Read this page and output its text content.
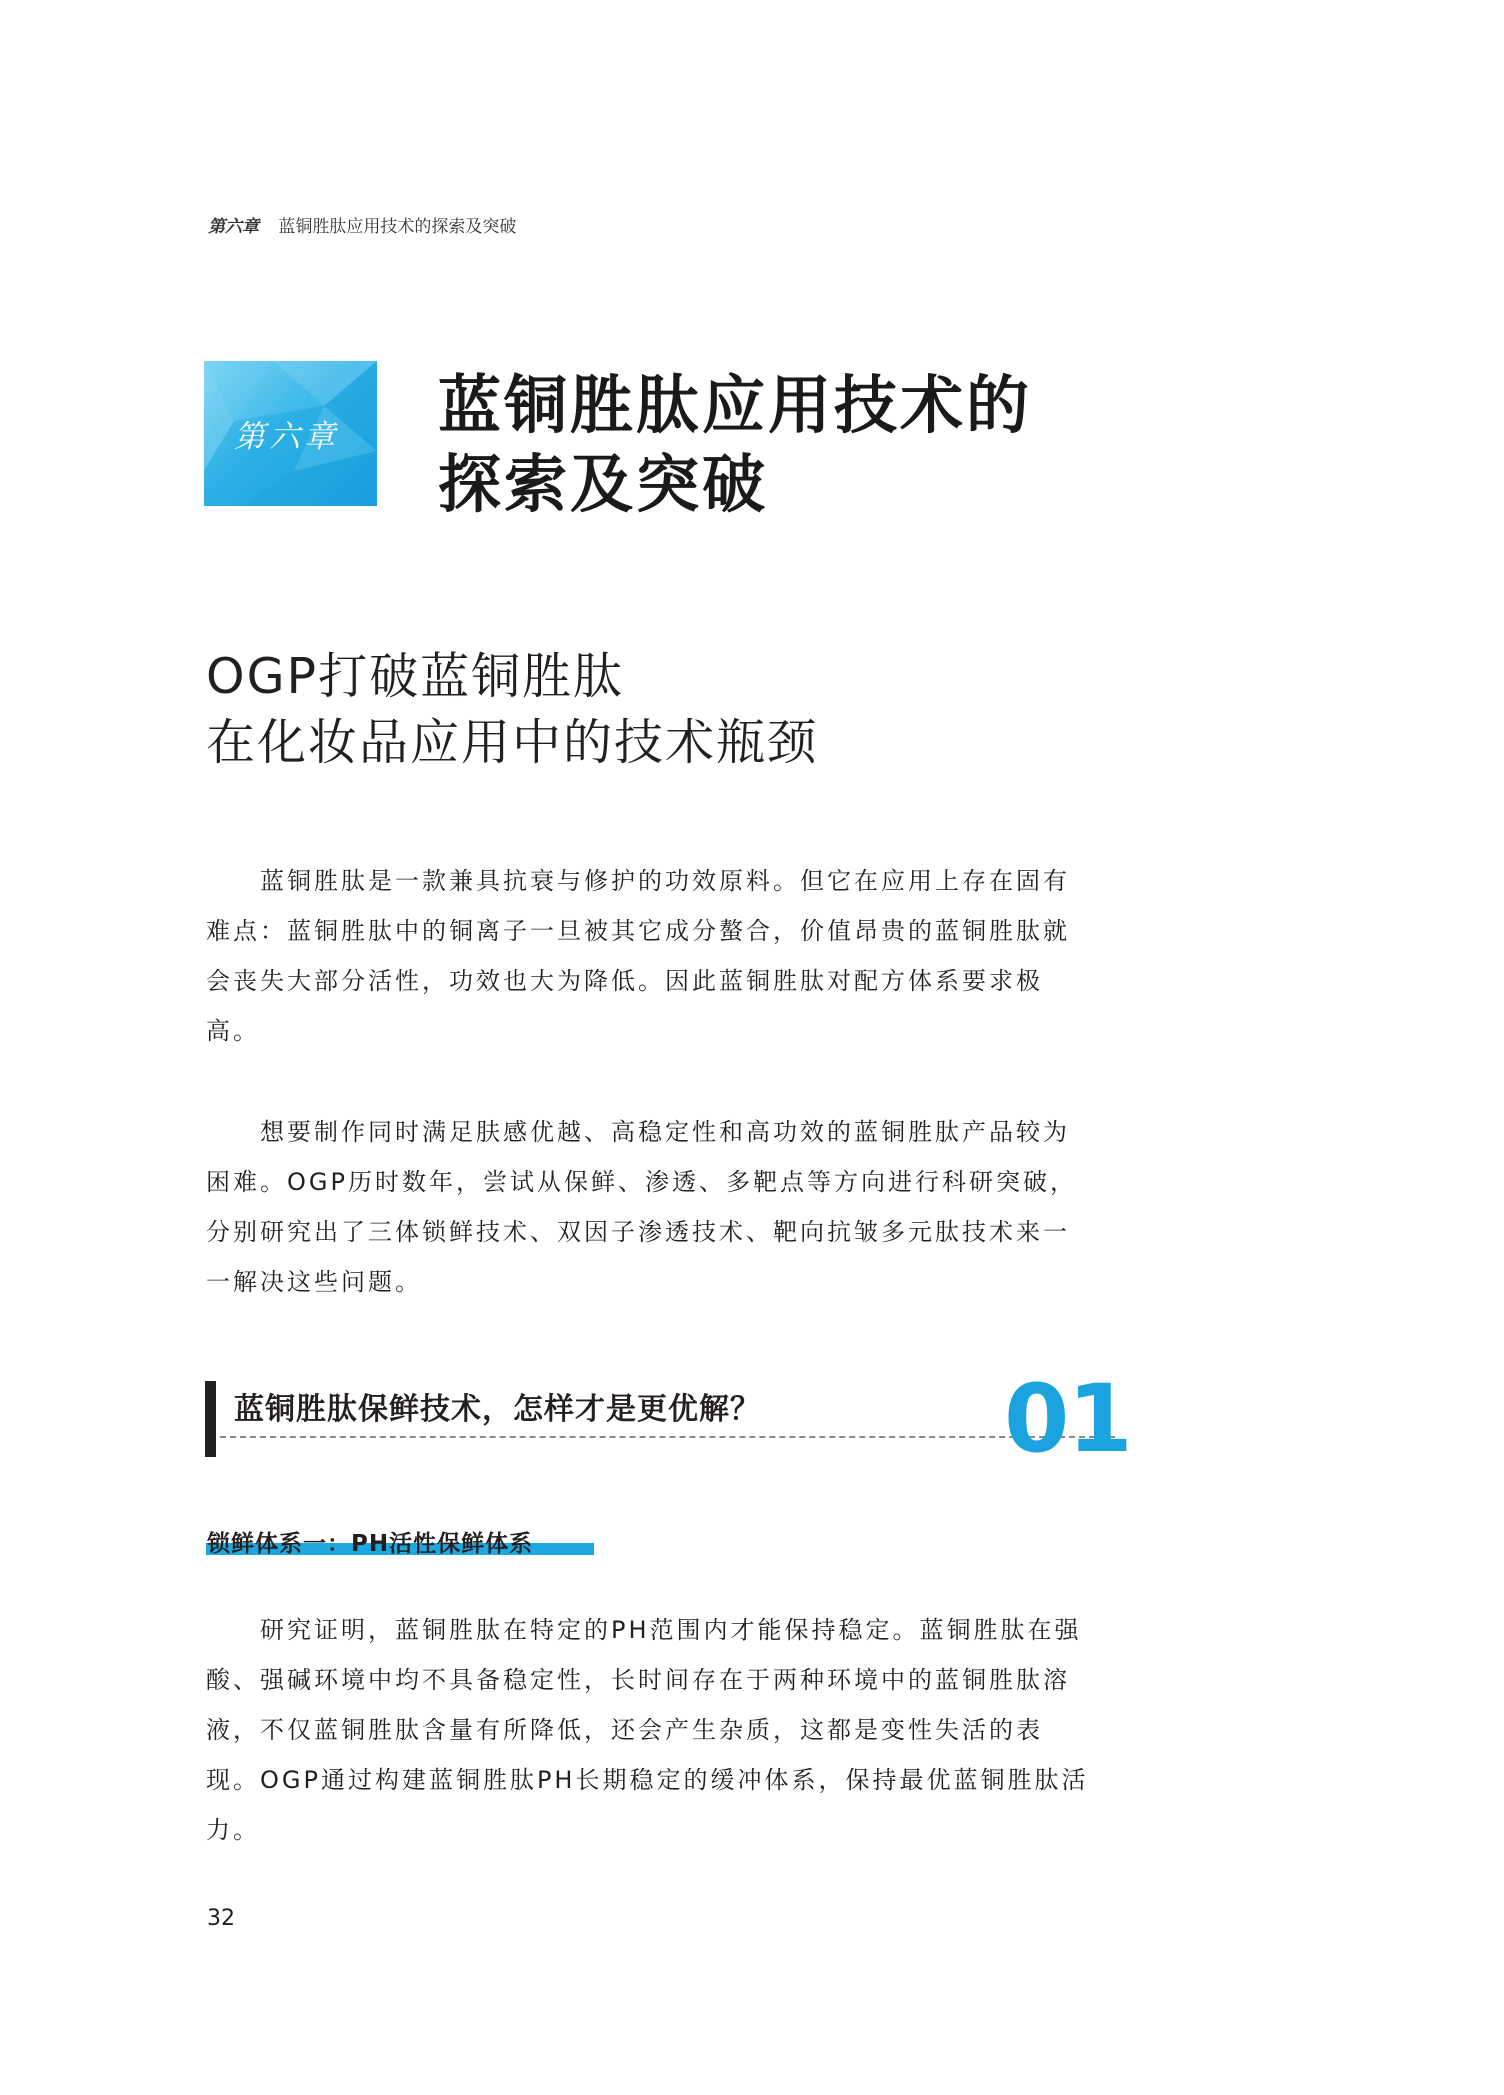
第六章 蓝铜胜肽应用技术的探索及突破
第六章 蓝铜胜肽应用技术的
探索及突破
OGP打破蓝铜胜肽
在化妆品应用中的技术瓶颈
　　蓝铜胜肽是一款兼具抗衰与修护的功效原料。但它在应用上存在固有
难点：蓝铜胜肽中的铜离子一旦被其它成分螯合，价值昂贵的蓝铜胜肽就
会丧失大部分活性，功效也大为降低。因此蓝铜胜肽对配方体系要求极
高。
　　想要制作同时满足肤感优越、高稳定性和高功效的蓝铜胜肽产品较为
困难。OGP历时数年，尝试从保鲜、渗透、多靶点等方向进行科研突破，
分别研究出了三体锁鲜技术、双因子渗透技术、靶向抗皱多元肽技术来一
一解决这些问题。
蓝铜胜肽保鲜技术，怎样才是更优解？	01
锁鲜体系一：PH活性保鲜体系
　　研究证明，蓝铜胜肽在特定的PH范围内才能保持稳定。蓝铜胜肽在强
酸、强碱环境中均不具备稳定性，长时间存在于两种环境中的蓝铜胜肽溶
液，不仅蓝铜胜肽含量有所降低，还会产生杂质，这都是变性失活的表
现。OGP通过构建蓝铜胜肽PH长期稳定的缓冲体系，保持最优蓝铜胜肽活
力。
32
